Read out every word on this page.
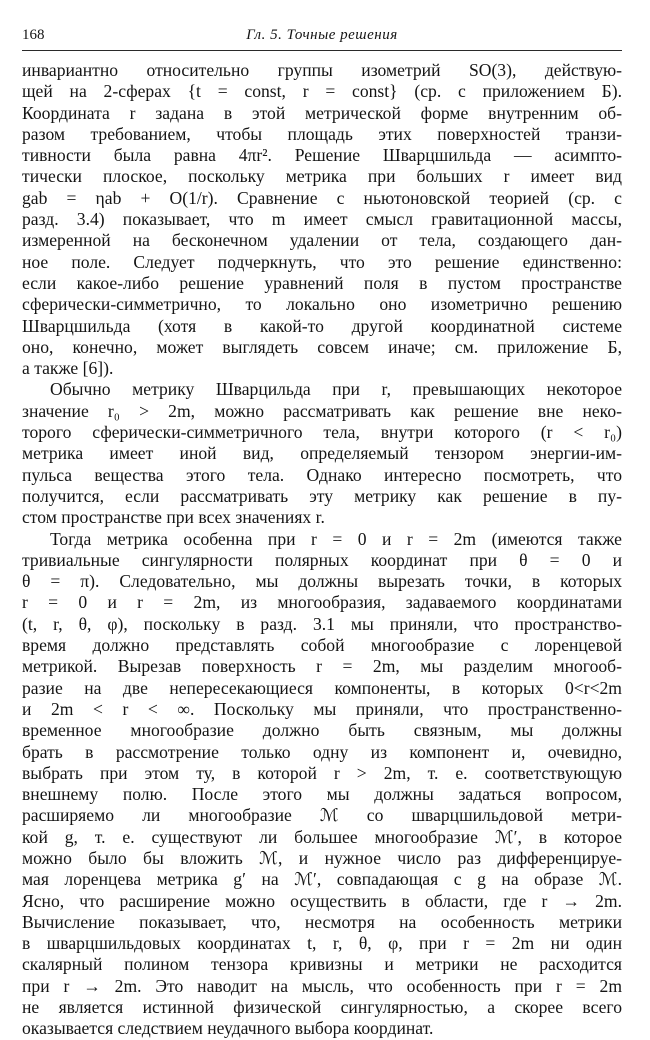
168	Гл. 5. Точные решения
инвариантно относительно группы изометрий SO(3), действую-
щей на 2-сферах {t = const, r = const} (ср. с приложением Б).
Координата r задана в этой метрической форме внутренним об-
разом требованием, чтобы площадь этих поверхностей транзи-
тивности была равна 4πr². Решение Шварцшильда — асимпто-
тически плоское, поскольку метрика при больших r имеет вид
gab = ηab + O(1/r). Сравнение с ньютоновской теорией (ср. с
разд. 3.4) показывает, что m имеет смысл гравитационной массы,
измеренной на бесконечном удалении от тела, создающего дан-
ное поле. Следует подчеркнуть, что это решение единственно:
если какое-либо решение уравнений поля в пустом пространстве
сферически-симметрично, то локально оно изометрично решению
Шварцшильда (хотя в какой-то другой координатной системе
оно, конечно, может выглядеть совсем иначе; см. приложение Б,
а также [6]).
Обычно метрику Шварцильда при r, превышающих некоторое
значение r₀ > 2m, можно рассматривать как решение вне неко-
торого сферически-симметричного тела, внутри которого (r < r₀)
метрика имеет иной вид, определяемый тензором энергии-им-
пульса вещества этого тела. Однако интересно посмотреть, что
получится, если рассматривать эту метрику как решение в пу-
стом пространстве при всех значениях r.
Тогда метрика особенна при r = 0 и r = 2m (имеются также
тривиальные сингулярности полярных координат при θ = 0 и
θ = π). Следовательно, мы должны вырезать точки, в которых
r = 0 и r = 2m, из многообразия, задаваемого координатами
(t, r, θ, φ), поскольку в разд. 3.1 мы приняли, что пространство-
время должно представлять собой многообразие с лоренцевой
метрикой. Вырезав поверхность r = 2m, мы разделим многооб-
разие на две непересекающиеся компоненты, в которых 0<r<2m
и 2m < r < ∞. Поскольку мы приняли, что пространственно-
временное многообразие должно быть связным, мы должны
брать в рассмотрение только одну из компонент и, очевидно,
выбрать при этом ту, в которой r > 2m, т. е. соответствующую
внешнему полю. После этого мы должны задаться вопросом,
расширяемо ли многообразие ℳ со шварцшильдовой метри-
кой g, т. е. существуют ли большее многообразие ℳ′, в которое
можно было бы вложить ℳ, и нужное число раз дифференцируе-
мая лоренцева метрика g′ на ℳ′, совпадающая с g на образе ℳ.
Ясно, что расширение можно осуществить в области, где r → 2m.
Вычисление показывает, что, несмотря на особенность метрики
в шварцшильдовых координатах t, r, θ, φ, при r = 2m ни один
скалярный полином тензора кривизны и метрики не расходится
при r → 2m. Это наводит на мысль, что особенность при r = 2m
не является истинной физической сингулярностью, а скорее всего
оказывается следствием неудачного выбора координат.
